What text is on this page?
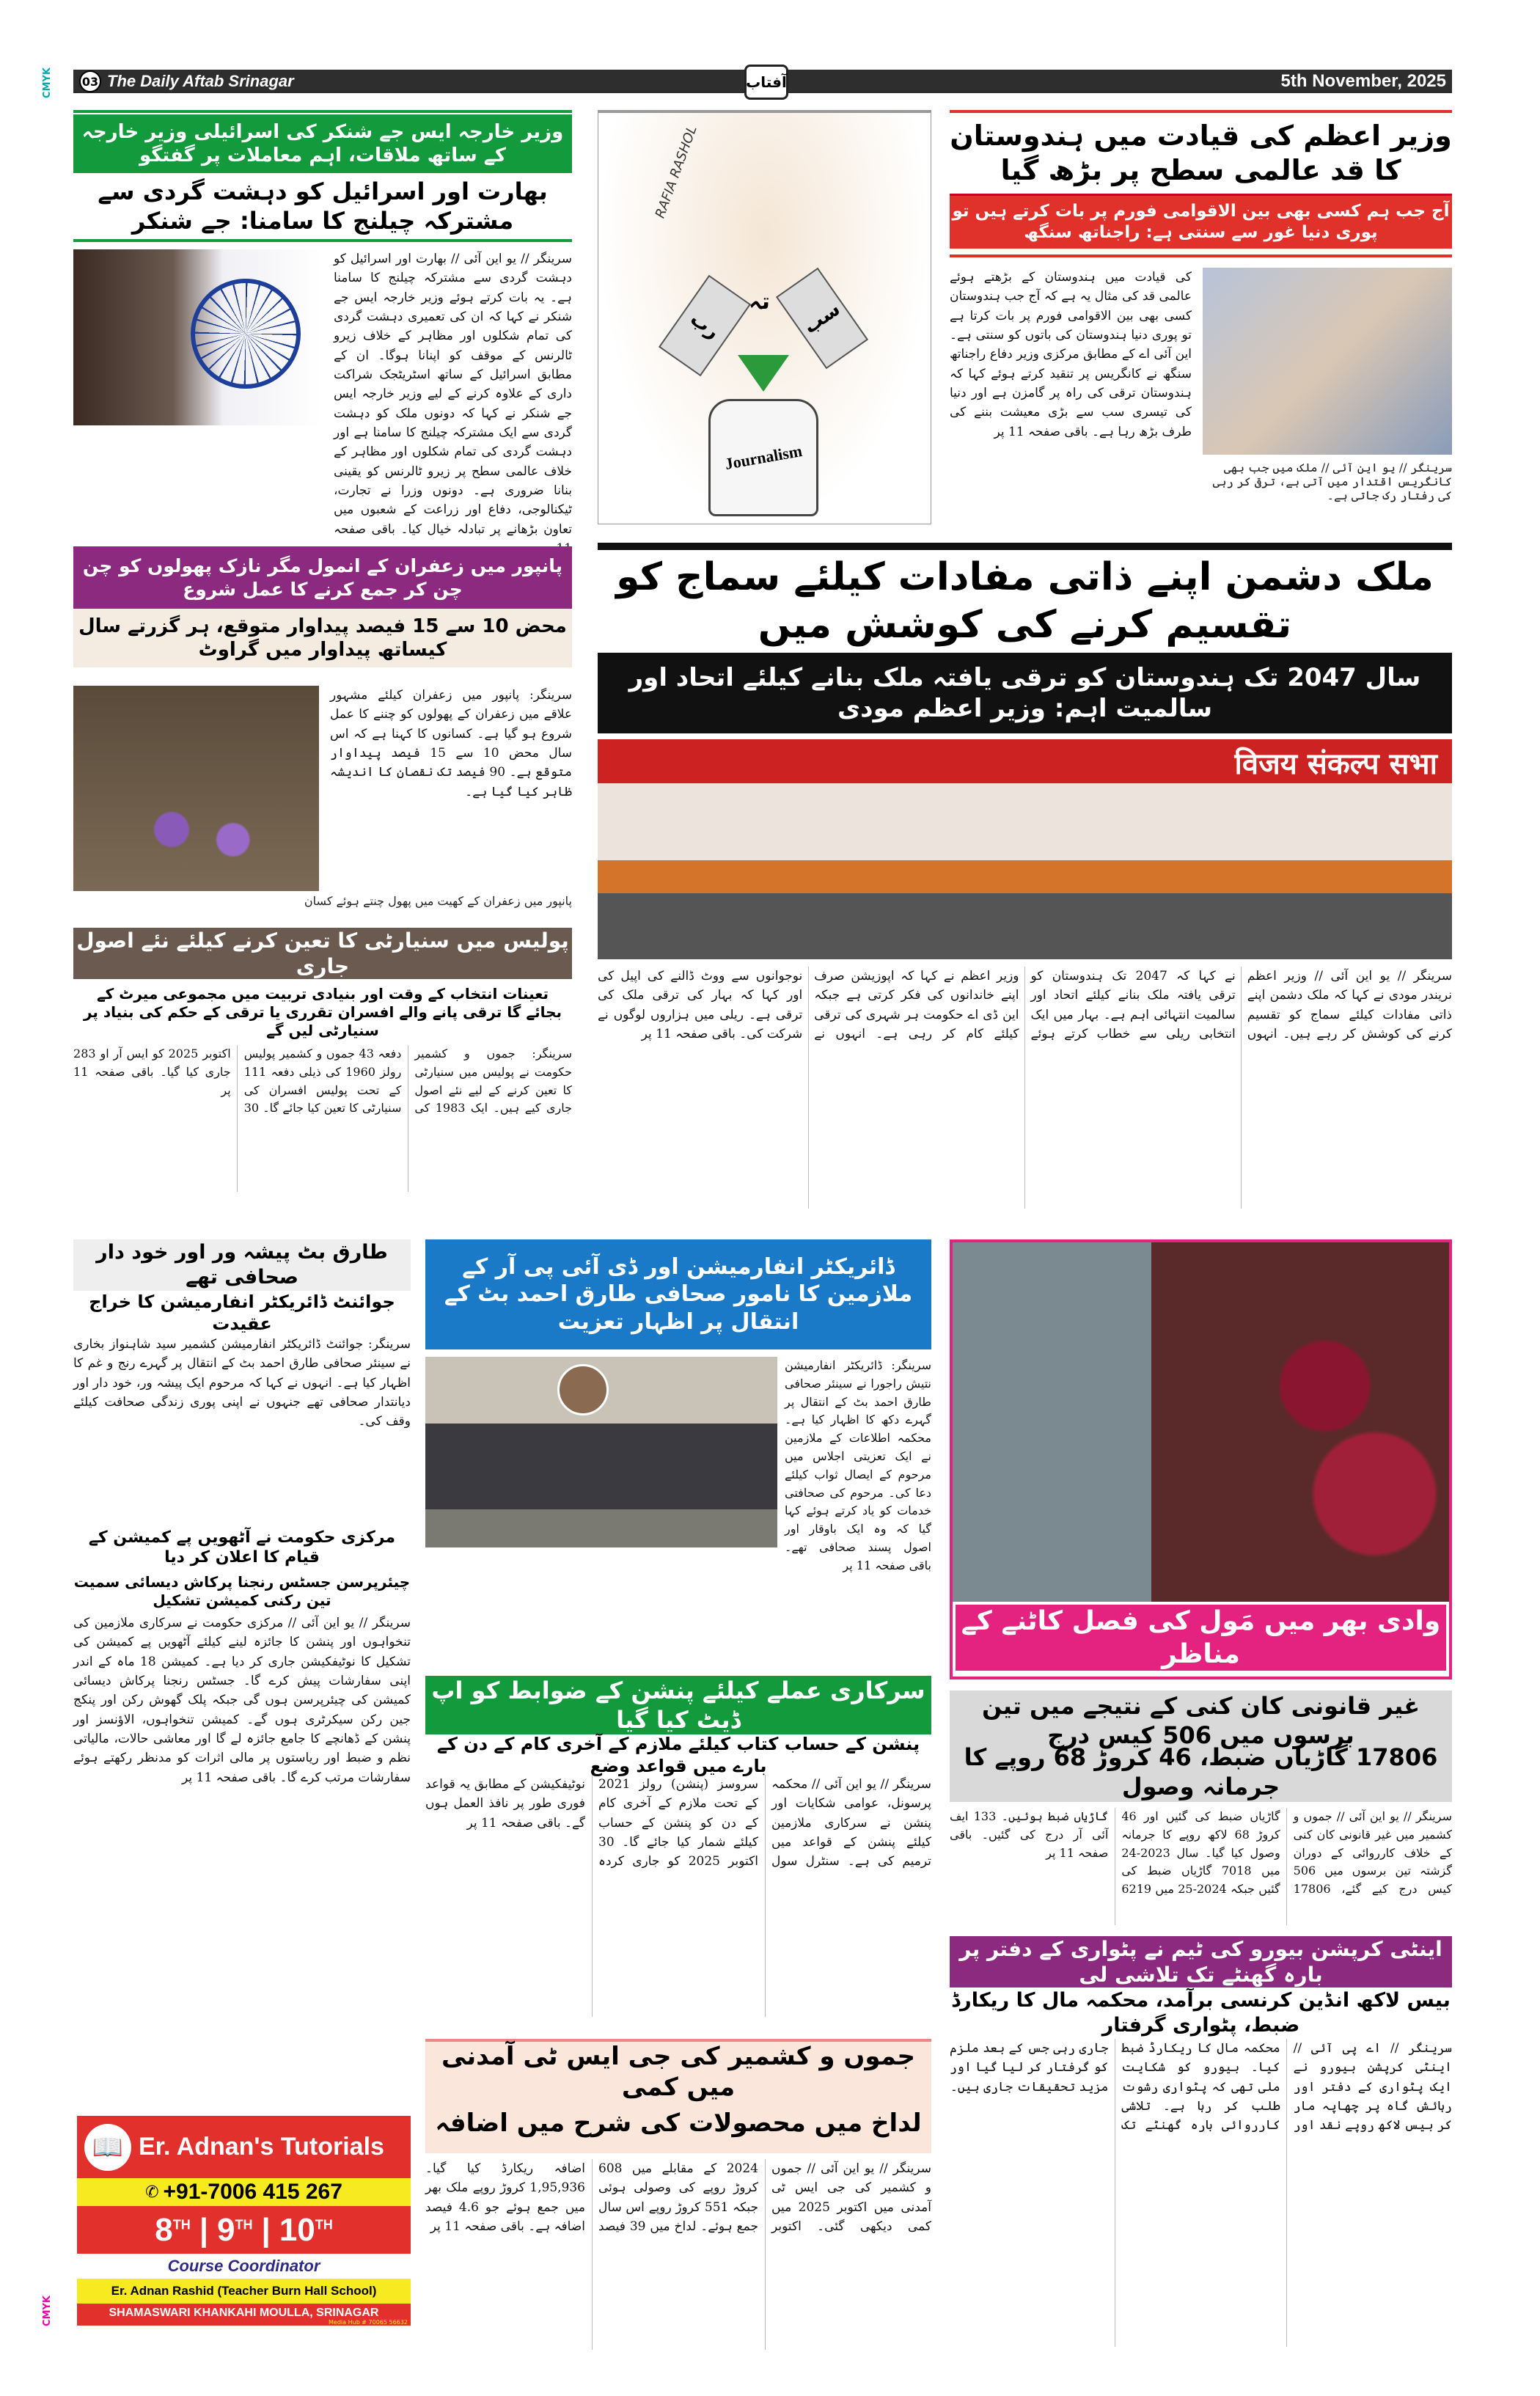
CMYK
CMYK
03 The Daily Aftab Srinagar	5th November, 2025
آفتاب
وزیر خارجہ ایس جے شنکر کی اسرائیلی وزیر خارجہ کے ساتھ ملاقات، اہم معاملات پر گفتگو
بھارت اور اسرائیل کو دہشت گردی سے مشترکہ چیلنج کا سامنا: جے شنکر
سرینگر // یو این آئی // بھارت اور اسرائیل کو دہشت گردی سے مشترکہ چیلنج کا سامنا ہے۔ یہ بات کرتے ہوئے وزیر خارجہ ایس جے شنکر نے کہا کہ ان کی تعمیری دہشت گردی کی تمام شکلوں اور مظاہر کے خلاف زیرو ٹالرنس کے موقف کو اپنانا ہوگا۔ ان کے مطابق اسرائیل کے ساتھ اسٹریٹجک شراکت داری کے علاوہ کرنے کے لیے وزیر خارجہ ایس جے شنکر نے کہا کہ دونوں ملک کو دہشت گردی سے ایک مشترکہ چیلنج کا سامنا ہے اور دہشت گردی کی تمام شکلوں اور مظاہر کے خلاف عالمی سطح پر زیرو ٹالرنس کو یقینی بنانا ضروری ہے۔ دونوں وزرا نے تجارت، ٹیکنالوجی، دفاع اور زراعت کے شعبوں میں تعاون بڑھانے پر تبادلہ خیال کیا۔ باقی صفحہ
RAFIA RASHOL
رب
تہ	سب
Journalism
وزیر اعظم کی قیادت میں ہندوستان کا قد عالمی سطح پر بڑھ گیا
آج جب ہم کسی بھی بین الاقوامی فورم پر بات کرتے ہیں تو پوری دنیا غور سے سنتی ہے: راجناتھ سنگھ
کی قیادت میں ہندوستان کے بڑھتے ہوئے عالمی قد کی مثال یہ ہے کہ آج جب ہندوستان کسی بھی بین الاقوامی فورم پر بات کرتا ہے تو پوری دنیا ہندوستان کی باتوں کو سنتی ہے۔ این آئی اے کے مطابق مرکزی وزیر دفاع راجناتھ سنگھ نے کانگریس پر تنقید کرتے ہوئے کہا کہ ہندوستان ترقی کی راہ پر گامزن ہے اور دنیا کی تیسری سب سے بڑی معیشت بننے کی طرف بڑھ رہا ہے۔ باقی صفحہ 11 پر
سرینگر // یو این آئی // ملک میں جب بھی کانگریس اقتدار میں آتی ہے، ترقی کر رہی کی رفتار رک جاتی ہے۔
پانپور میں زعفران کے انمول مگر نازک پھولوں کو چن چن کر جمع کرنے کا عمل شروع
محض 10 سے 15 فیصد پیداوار متوقع، ہر گزرتے سال کیساتھ پیداوار میں گراوٹ
پانپور میں زعفران کے کھیت میں پھول چنتے ہوئے کسان
سرینگر: پانپور میں زعفران کیلئے مشہور علاقے میں زعفران کے پھولوں کو چننے کا عمل شروع ہو گیا ہے۔ کسانوں کا کہنا ہے کہ اس سال محض 10 سے 15 فیصد پیداوار متوقع ہے۔ 90 فیصد تک نقصان کا اندیشہ ظاہر کیا گیا ہے۔
پولیس میں سنیارٹی کا تعین کرنے کیلئے نئے اصول جاری
تعینات انتخاب کے وقت اور بنیادی تربیت میں مجموعی میرٹ کے بجائے گا ترقی پانے والے افسران تقرری یا ترقی کے حکم کی بنیاد پر سنیارٹی لیں گے
سرینگر: جموں و کشمیر حکومت نے پولیس میں سنیارٹی کا تعین کرنے کے لیے نئے اصول جاری کیے ہیں۔ ایک 1983 کی دفعہ 43 جموں و کشمیر پولیس رولز 1960 کی ذیلی دفعہ 111 کے تحت پولیس افسران کی سنیارٹی کا تعین کیا جائے گا۔ 30 اکتوبر 2025 کو ایس آر او 283 جاری کیا گیا۔ باقی صفحہ 11 پر
ملک دشمن اپنے ذاتی مفادات کیلئے سماج کو تقسیم کرنے کی کوشش میں
سال 2047 تک ہندوستان کو ترقی یافتہ ملک بنانے کیلئے اتحاد اور سالمیت اہم: وزیر اعظم مودی
विजय संकल्प सभा
سرینگر // یو این آئی // وزیر اعظم نریندر مودی نے کہا کہ ملک دشمن اپنے ذاتی مفادات کیلئے سماج کو تقسیم کرنے کی کوشش کر رہے ہیں۔ انہوں نے کہا کہ 2047 تک ہندوستان کو ترقی یافتہ ملک بنانے کیلئے اتحاد اور سالمیت انتہائی اہم ہے۔ بہار میں ایک انتخابی ریلی سے خطاب کرتے ہوئے وزیر اعظم نے کہا کہ اپوزیشن صرف اپنے خاندانوں کی فکر کرتی ہے جبکہ این ڈی اے حکومت ہر شہری کی ترقی کیلئے کام کر رہی ہے۔ انہوں نے نوجوانوں سے ووٹ ڈالنے کی اپیل کی اور کہا کہ بہار کی ترقی ملک کی ترقی ہے۔ ریلی میں ہزاروں لوگوں نے شرکت کی۔ باقی صفحہ 11 پر
طارق بٹ پیشہ ور اور خود دار صحافی تھے
جوائنٹ ڈائریکٹر انفارمیشن کا خراج عقیدت
سرینگر: جوائنٹ ڈائریکٹر انفارمیشن کشمیر سید شاہنواز بخاری نے سینئر صحافی طارق احمد بٹ کے انتقال پر گہرے رنج و غم کا اظہار کیا ہے۔ انہوں نے کہا کہ مرحوم ایک پیشہ ور، خود دار اور دیانتدار صحافی تھے جنہوں نے اپنی پوری زندگی صحافت کیلئے وقف کی۔
مرکزی حکومت نے آٹھویں پے کمیشن کے قیام کا اعلان کر دیا
چیئرپرسن جسٹس رنجنا پرکاش دیسائی سمیت تین رکنی کمیشن تشکیل
سرینگر // یو این آئی // مرکزی حکومت نے سرکاری ملازمین کی تنخواہوں اور پنشن کا جائزہ لینے کیلئے آٹھویں پے کمیشن کی تشکیل کا نوٹیفکیشن جاری کر دیا ہے۔ کمیشن 18 ماہ کے اندر اپنی سفارشات پیش کرے گا۔ جسٹس رنجنا پرکاش دیسائی کمیشن کی چیئرپرسن ہوں گی جبکہ پلک گھوش رکن اور پنکج جین رکن سیکرٹری ہوں گے۔ کمیشن تنخواہوں، الاؤنسز اور پنشن کے ڈھانچے کا جامع جائزہ لے گا اور معاشی حالات، مالیاتی نظم و ضبط اور ریاستوں پر مالی اثرات کو مدنظر رکھتے ہوئے سفارشات مرتب کرے گا۔ باقی صفحہ 11 پر
📖 Er. Adnan's Tutorials
✆ +91-7006 415 267
8TH | 9TH | 10TH
Course Coordinator
Er. Adnan Rashid (Teacher Burn Hall School)
SHAMASWARI KHANKAHI MOULLA, SRINAGAR
Media Hub # 70065 56632
ڈائریکٹر انفارمیشن اور ڈی آئی پی آر کے ملازمین کا نامور صحافی طارق احمد بٹ کے انتقال پر اظہار تعزیت
سرینگر: ڈائریکٹر انفارمیشن نتیش راجورا نے سینئر صحافی طارق احمد بٹ کے انتقال پر گہرے دکھ کا اظہار کیا ہے۔ محکمہ اطلاعات کے ملازمین نے ایک تعزیتی اجلاس میں مرحوم کے ایصال ثواب کیلئے دعا کی۔ مرحوم کی صحافتی خدمات کو یاد کرتے ہوئے کہا گیا کہ وہ ایک باوقار اور اصول پسند صحافی تھے۔ باقی صفحہ 11 پر
سرکاری عملے کیلئے پنشن کے ضوابط کو اپ ڈیٹ کیا گیا
پنشن کے حساب کتاب کیلئے ملازم کے آخری کام کے دن کے بارے میں قواعد وضع
سرینگر // یو این آئی // محکمہ پرسونل، عوامی شکایات اور پنشن نے سرکاری ملازمین کیلئے پنشن کے قواعد میں ترمیم کی ہے۔ سنٹرل سول سروسز (پنشن) رولز 2021 کے تحت ملازم کے آخری کام کے دن کو پنشن کے حساب کیلئے شمار کیا جائے گا۔ 30 اکتوبر 2025 کو جاری کردہ نوٹیفکیشن کے مطابق یہ قواعد فوری طور پر نافذ العمل ہوں گے۔ باقی صفحہ 11 پر
جموں و کشمیر کی جی ایس ٹی آمدنی میں کمی
لداخ میں محصولات کی شرح میں اضافہ
سرینگر // یو این آئی // جموں و کشمیر کی جی ایس ٹی آمدنی میں اکتوبر 2025 میں کمی دیکھی گئی۔ اکتوبر 2024 کے مقابلے میں 608 کروڑ روپے کی وصولی ہوئی جبکہ 551 کروڑ روپے اس سال جمع ہوئے۔ لداخ میں 39 فیصد اضافہ ریکارڈ کیا گیا۔ 1,95,936 کروڑ روپے ملک بھر میں جمع ہوئے جو 4.6 فیصد اضافہ ہے۔ باقی صفحہ 11 پر
وادی بھر میں مَول کی فصل کاٹنے کے مناظر
غیر قانونی کان کنی کے نتیجے میں تین برسوں میں 506 کیس درج
17806 گاڑیاں ضبط، 46 کروڑ 68 روپے کا جرمانہ وصول
سرینگر // یو این آئی // جموں و کشمیر میں غیر قانونی کان کنی کے خلاف کارروائی کے دوران گزشتہ تین برسوں میں 506 کیس درج کیے گئے، 17806 گاڑیاں ضبط کی گئیں اور 46 کروڑ 68 لاکھ روپے کا جرمانہ وصول کیا گیا۔ سال 2023-24 میں 7018 گاڑیاں ضبط کی گئیں جبکہ 2024-25 میں 6219 گاڑیاں ضبط ہوئیں۔ 133 ایف آئی آر درج کی گئیں۔ باقی صفحہ 11 پر
اینٹی کرپشن بیورو کی ٹیم نے پٹواری کے دفتر پر بارہ گھنٹے تک تلاشی لی
بیس لاکھ انڈین کرنسی برآمد، محکمہ مال کا ریکارڈ ضبط، پٹواری گرفتار
سرینگر // اے پی آئی // اینٹی کرپشن بیورو نے ایک پٹواری کے دفتر اور رہائش گاہ پر چھاپہ مار کر بیس لاکھ روپے نقد اور محکمہ مال کا ریکارڈ ضبط کیا۔ بیورو کو شکایت ملی تھی کہ پٹواری رشوت طلب کر رہا ہے۔ تلاشی کارروائی بارہ گھنٹے تک جاری رہی جس کے بعد ملزم کو گرفتار کر لیا گیا اور مزید تحقیقات جاری ہیں۔
